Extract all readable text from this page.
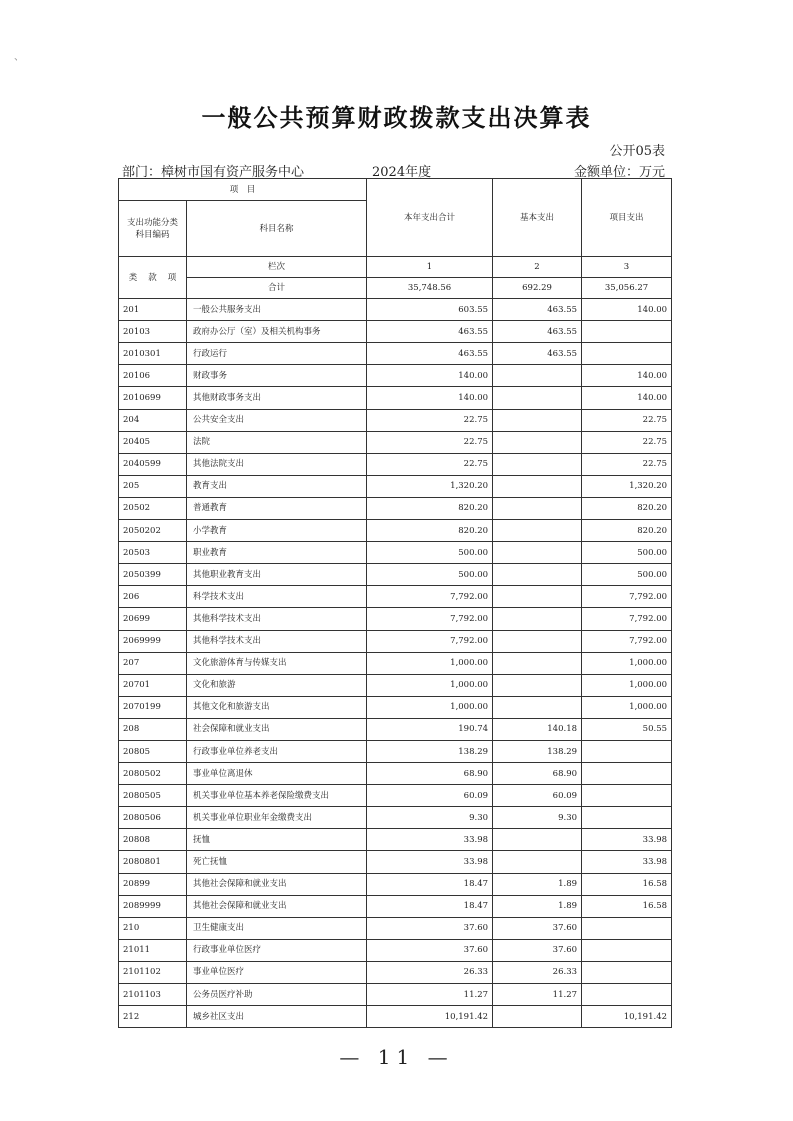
、
一般公共预算财政拨款支出决算表
公开05表
部门：樟树市国有资产服务中心	2024年度	金额单位：万元
项　目		本年支出合计	基本支出	项目支出
支出功能分类科目编码	科目名称			
类 款 项	栏次	1	2	3
	合计	35,748.56	692.29	35,056.27
201	一般公共服务支出	603.55	463.55	140.00
20103	政府办公厅（室）及相关机构事务	463.55	463.55	
2010301	行政运行	463.55	463.55	
20106	财政事务	140.00		140.00
2010699	其他财政事务支出	140.00		140.00
204	公共安全支出	22.75		22.75
20405	法院	22.75		22.75
2040599	其他法院支出	22.75		22.75
205	教育支出	1,320.20		1,320.20
20502	普通教育	820.20		820.20
2050202	小学教育	820.20		820.20
20503	职业教育	500.00		500.00
2050399	其他职业教育支出	500.00		500.00
206	科学技术支出	7,792.00		7,792.00
20699	其他科学技术支出	7,792.00		7,792.00
2069999	其他科学技术支出	7,792.00		7,792.00
207	文化旅游体育与传媒支出	1,000.00		1,000.00
20701	文化和旅游	1,000.00		1,000.00
2070199	其他文化和旅游支出	1,000.00		1,000.00
208	社会保障和就业支出	190.74	140.18	50.55
20805	行政事业单位养老支出	138.29	138.29	
2080502	事业单位离退休	68.90	68.90	
2080505	机关事业单位基本养老保险缴费支出	60.09	60.09	
2080506	机关事业单位职业年金缴费支出	9.30	9.30	
20808	抚恤	33.98		33.98
2080801	死亡抚恤	33.98		33.98
20899	其他社会保障和就业支出	18.47	1.89	16.58
2089999	其他社会保障和就业支出	18.47	1.89	16.58
210	卫生健康支出	37.60	37.60	
21011	行政事业单位医疗	37.60	37.60	
2101102	事业单位医疗	26.33	26.33	
2101103	公务员医疗补助	11.27	11.27	
212	城乡社区支出	10,191.42		10,191.42
— 11 —
